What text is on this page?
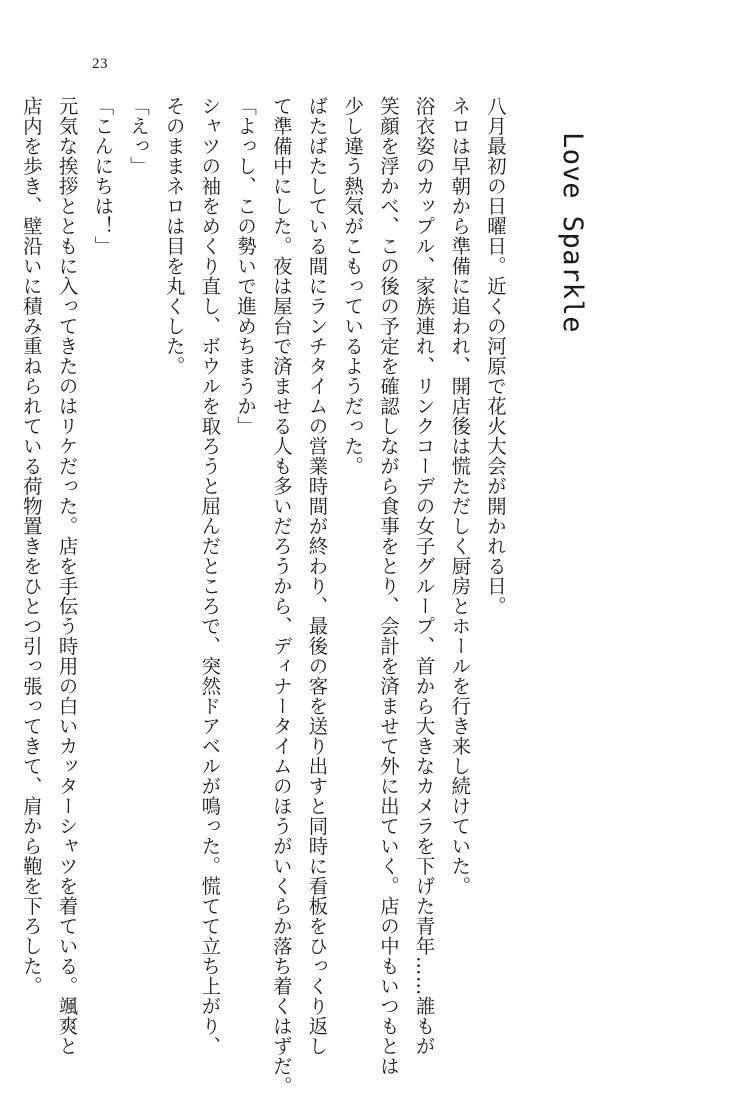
23
Love Sparkle

八月最初の日曜日。近くの河原で花火大会が開かれる日。

ネロは早朝から準備に追われ、開店後は慌ただしく厨房とホールを行き来し続けていた。

浴衣姿のカップル、家族連れ、リンクコーデの女子グループ、首から大きなカメラを下げた青年……誰もが

笑顔を浮かべ、この後の予定を確認しながら食事をとり、会計を済ませて外に出ていく。店の中もいつもとは

少し違う熱気がこもっているようだった。

ばたばたしている間にランチタイムの営業時間が終わり、最後の客を送り出すと同時に看板をひっくり返し

て準備中にした。夜は屋台で済ませる人も多いだろうから、ディナータイムのほうがいくらか落ち着くはずだ。

「よっし、この勢いで進めちまうか」

シャツの袖をめくり直し、ボウルを取ろうと屈んだところで、突然ドアベルが鳴った。慌てて立ち上がり、

そのままネロは目を丸くした。

「えっ」

「こんにちは！」

元気な挨拶とともに入ってきたのはリケだった。店を手伝う時用の白いカッターシャツを着ている。颯爽と

店内を歩き、壁沿いに積み重ねられている荷物置きをひとつ引っ張ってきて、肩から鞄を下ろした。
